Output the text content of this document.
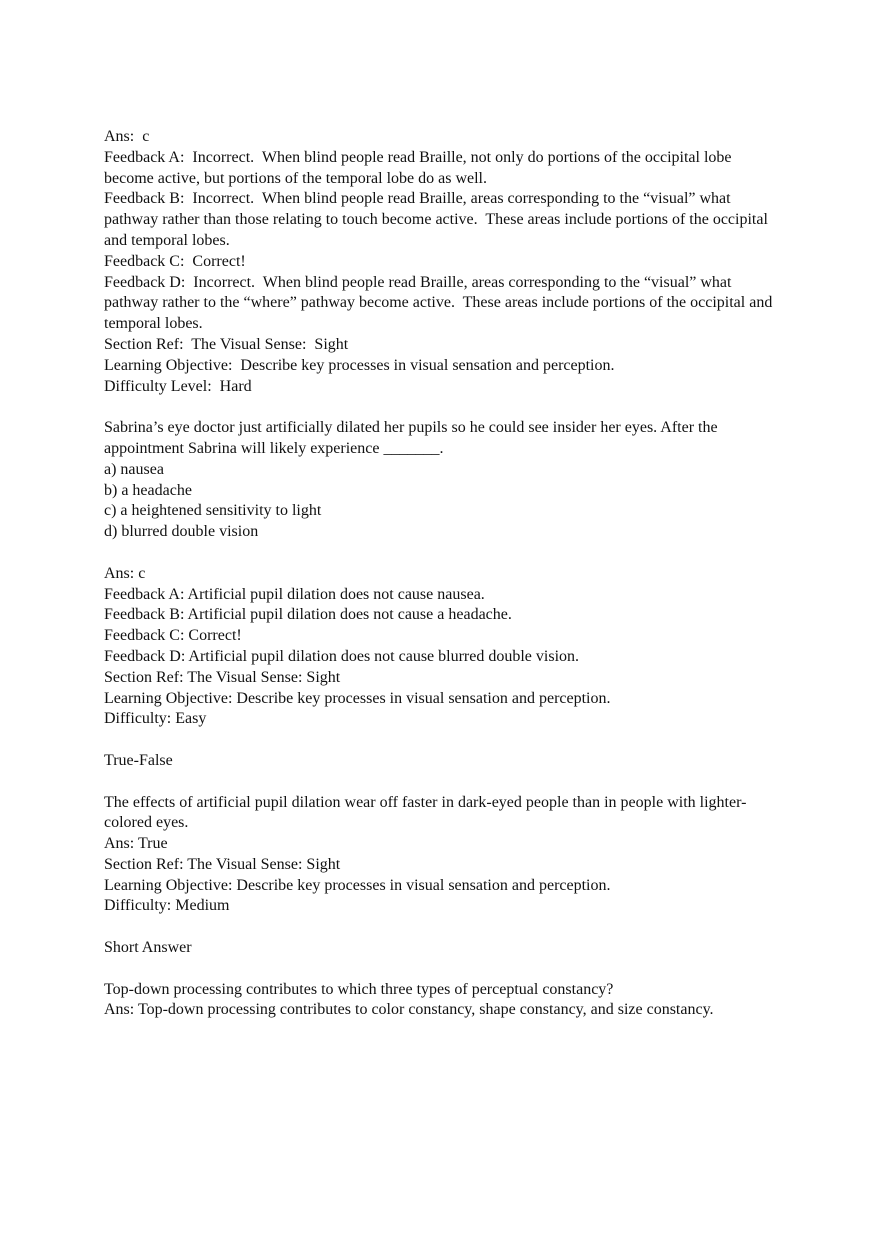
Ans:  c

Feedback A:  Incorrect.  When blind people read Braille, not only do portions of the occipital lobe become active, but portions of the temporal lobe do as well.

Feedback B:  Incorrect.  When blind people read Braille, areas corresponding to the “visual” what pathway rather than those relating to touch become active.  These areas include portions of the occipital and temporal lobes.

Feedback C:  Correct!

Feedback D:  Incorrect.  When blind people read Braille, areas corresponding to the “visual” what pathway rather to the “where” pathway become active.  These areas include portions of the occipital and temporal lobes.

Section Ref:  The Visual Sense:  Sight

Learning Objective:  Describe key processes in visual sensation and perception.

Difficulty Level:  Hard

Sabrina’s eye doctor just artificially dilated her pupils so he could see insider her eyes. After the appointment Sabrina will likely experience _______.

a) nausea

b) a headache

c) a heightened sensitivity to light

d) blurred double vision

Ans: c

Feedback A: Artificial pupil dilation does not cause nausea.

Feedback B: Artificial pupil dilation does not cause a headache.

Feedback C: Correct!

Feedback D: Artificial pupil dilation does not cause blurred double vision.

Section Ref: The Visual Sense: Sight

Learning Objective: Describe key processes in visual sensation and perception.

Difficulty: Easy

True-False

The effects of artificial pupil dilation wear off faster in dark-eyed people than in people with lighter-colored eyes.

Ans: True

Section Ref: The Visual Sense: Sight

Learning Objective: Describe key processes in visual sensation and perception.

Difficulty: Medium

Short Answer

Top-down processing contributes to which three types of perceptual constancy?

Ans: Top-down processing contributes to color constancy, shape constancy, and size constancy.
